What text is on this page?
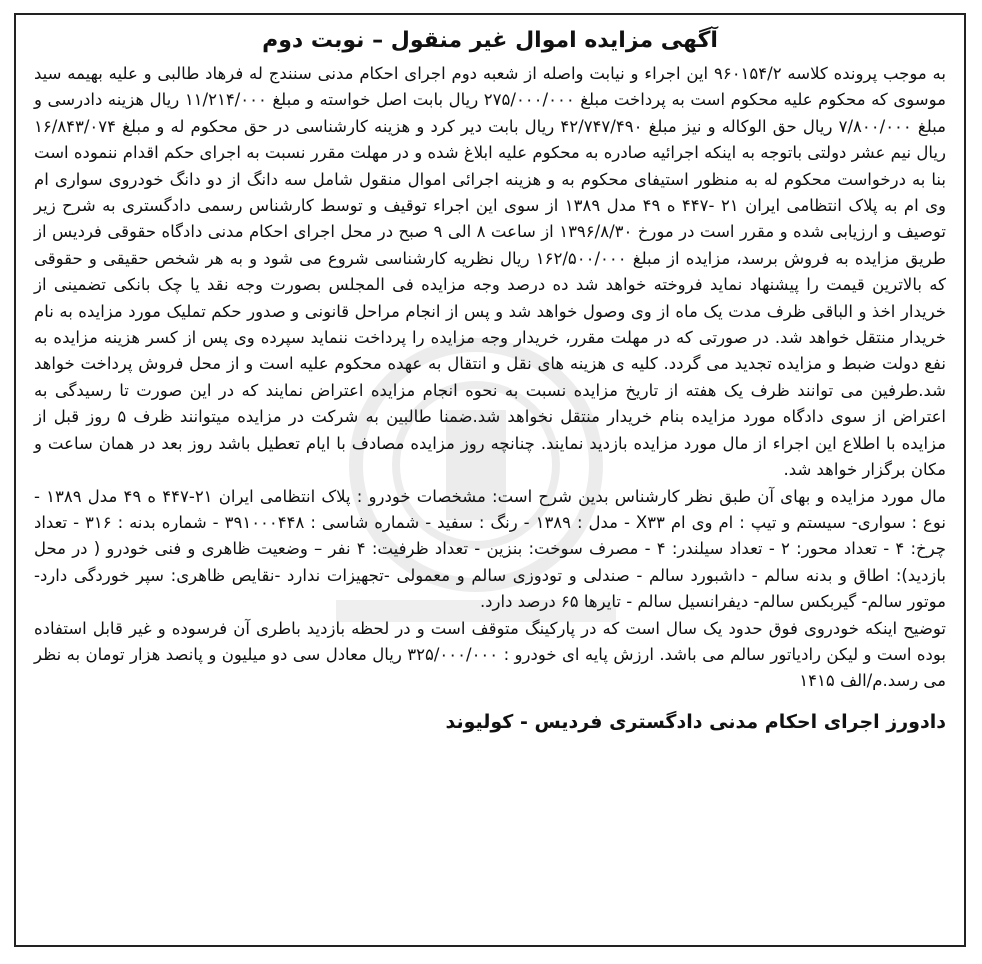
آگهی مزایده اموال غیر منقول – نوبت دوم

به موجب پرونده کلاسه ۹۶۰۱۵۴/۲ این اجراء و نیابت واصله از شعبه دوم اجرای احکام مدنی سنندج له فرهاد طالبی و علیه بهیمه سید موسوی که محکوم علیه محکوم است به پرداخت مبلغ ۲۷۵/۰۰۰/۰۰۰ ریال بابت اصل خواسته و مبلغ ۱۱/۲۱۴/۰۰۰ ریال هزینه دادرسی و مبلغ ۷/۸۰۰/۰۰۰ ریال حق الوکاله و نیز مبلغ ۴۲/۷۴۷/۴۹۰ ریال بابت دیر کرد و هزینه کارشناسی در حق محکوم له و مبلغ ۱۶/۸۴۳/۰۷۴ ریال نیم عشر دولتی باتوجه به اینکه اجرائیه صادره به محکوم علیه ابلاغ شده و در مهلت مقرر نسبت به اجرای حکم اقدام ننموده است بنا به درخواست محکوم له به منظور استیفای محکوم به و هزینه اجرائی اموال منقول شامل سه دانگ از دو دانگ خودروی سواری ام وی ام به پلاک انتظامی ایران ۲۱ -۴۴۷ ه ۴۹ مدل ۱۳۸۹ از سوی این اجراء توقیف و توسط کارشناس رسمی دادگستری به شرح زیر توصیف و ارزیابی شده و مقرر است در مورخ ۱۳۹۶/۸/۳۰ از ساعت ۸ الی ۹ صبح در محل اجرای احکام مدنی دادگاه حقوقی فردیس از طریق مزایده به فروش برسد، مزایده از مبلغ ۱۶۲/۵۰۰/۰۰۰ ریال نظریه کارشناسی شروع می شود و به هر شخص حقیقی و حقوقی که بالاترین قیمت را پیشنهاد نماید فروخته خواهد شد ده درصد وجه مزایده فی المجلس بصورت وجه نقد یا چک بانکی تضمینی از خریدار اخذ و الباقی ظرف مدت یک ماه از وی وصول خواهد شد و پس از انجام مراحل قانونی و صدور حکم تملیک مورد مزایده به نام خریدار منتقل خواهد شد. در صورتی که در مهلت مقرر، خریدار وجه مزایده را پرداخت ننماید سپرده وی پس از کسر هزینه مزایده به نفع دولت ضبط و مزایده تجدید می گردد. کلیه ی هزینه های نقل و انتقال به عهده محکوم علیه است و از محل فروش پرداخت خواهد شد.طرفین می توانند ظرف یک هفته از تاریخ مزایده نسبت به نحوه انجام مزایده اعتراض نمایند که در این صورت تا رسیدگی به اعتراض از سوی دادگاه مورد مزایده بنام خریدار منتقل نخواهد شد.ضمنا طالبین به شرکت در مزایده میتوانند ظرف ۵ روز قبل از مزایده با اطلاع این اجراء از مال مورد مزایده بازدید نمایند. چنانچه روز مزایده مصادف با ایام تعطیل باشد روز بعد در همان ساعت و مکان برگزار خواهد شد.

مال مورد مزایده و بهای آن طبق نظر کارشناس بدین شرح است: مشخصات خودرو : پلاک انتظامی ایران ۲۱-۴۴۷ ه ۴۹ مدل ۱۳۸۹ - نوع : سواری- سیستم و تیپ : ام وی ام X۳۳ - مدل : ۱۳۸۹ - رنگ : سفید - شماره شاسی : ۳۹۱۰۰۰۴۴۸ - شماره بدنه : ۳۱۶ - تعداد چرخ: ۴ - تعداد محور: ۲ - تعداد سیلندر: ۴ - مصرف سوخت: بنزین - تعداد ظرفیت: ۴ نفر – وضعیت ظاهری و فنی خودرو ( در محل بازدید): اطاق و بدنه سالم - داشبورد سالم - صندلی و تودوزی سالم و معمولی -تجهیزات ندارد -نقایص ظاهری: سپر خوردگی دارد- موتور سالم- گیربکس سالم- دیفرانسیل سالم - تایرها ۶۵ درصد دارد.

توضیح اینکه خودروی فوق حدود یک سال است که در پارکینگ متوقف است و در لحظه بازدید باطری آن فرسوده و غیر قابل استفاده بوده است و لیکن رادیاتور سالم می باشد. ارزش پایه ای خودرو : ۳۲۵/۰۰۰/۰۰۰ ریال معادل سی دو میلیون و پانصد هزار تومان به نظر می رسد.م/الف ۱۴۱۵

دادورز اجرای احکام مدنی دادگستری فردیس - کولیوند
